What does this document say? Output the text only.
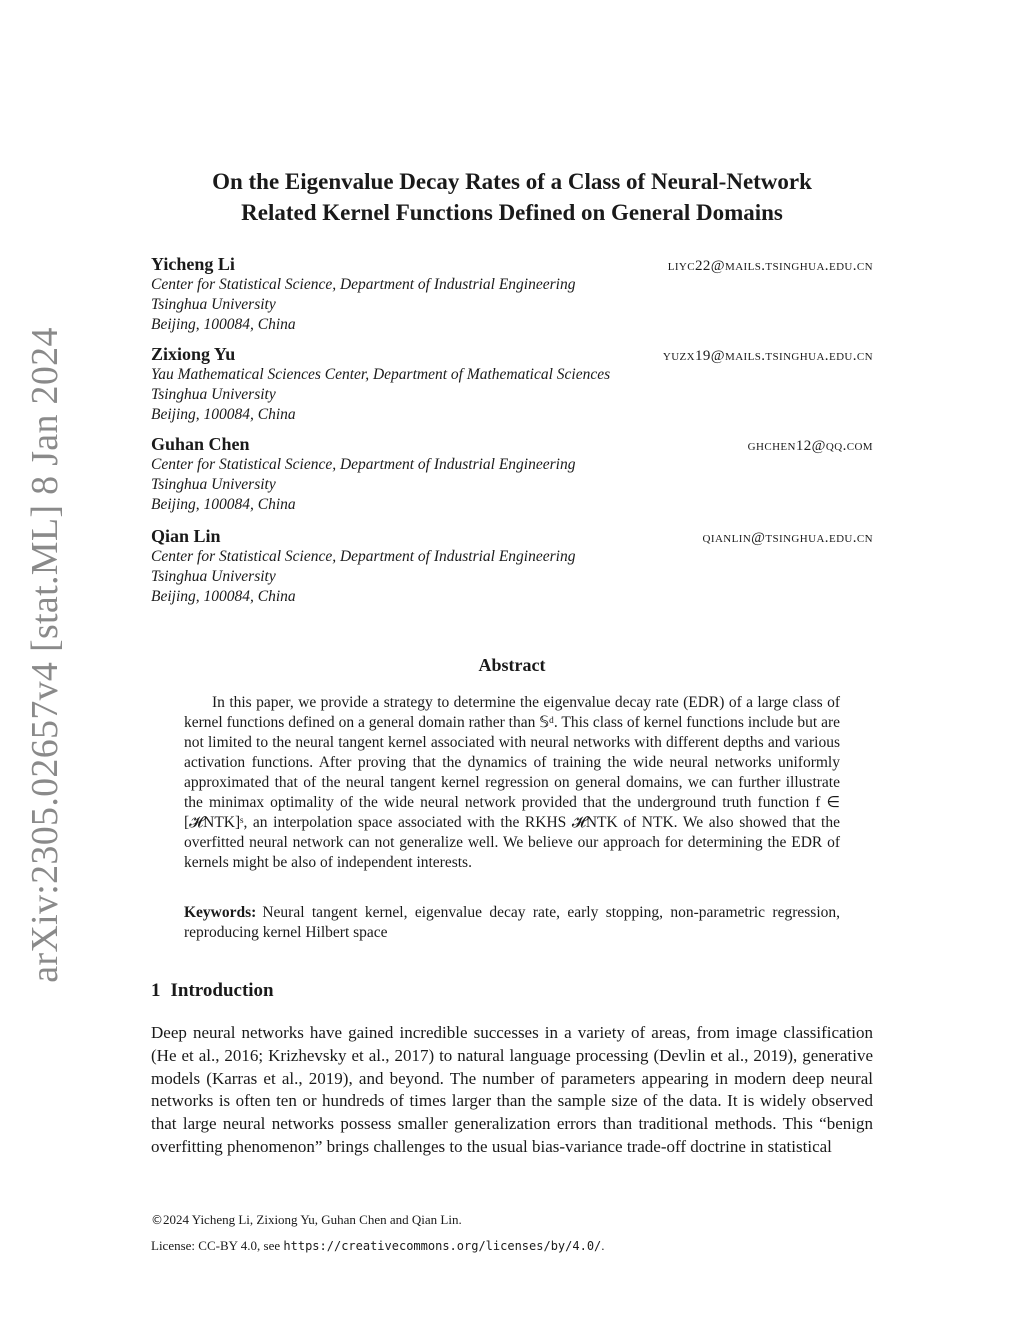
arXiv:2305.02657v4 [stat.ML] 8 Jan 2024
On the Eigenvalue Decay Rates of a Class of Neural-Network
Related Kernel Functions Defined on General Domains
Yicheng Li	liyc22@mails.tsinghua.edu.cn
Center for Statistical Science, Department of Industrial Engineering
Tsinghua University
Beijing, 100084, China
Zixiong Yu	yuzx19@mails.tsinghua.edu.cn
Yau Mathematical Sciences Center, Department of Mathematical Sciences
Tsinghua University
Beijing, 100084, China
Guhan Chen	ghchen12@qq.com
Center for Statistical Science, Department of Industrial Engineering
Tsinghua University
Beijing, 100084, China
Qian Lin	qianlin@tsinghua.edu.cn
Center for Statistical Science, Department of Industrial Engineering
Tsinghua University
Beijing, 100084, China
Abstract

In this paper, we provide a strategy to determine the eigenvalue decay rate (EDR) of a large class of kernel functions defined on a general domain rather than 𝕊ᵈ. This class of kernel functions include but are not limited to the neural tangent kernel associated with neural networks with different depths and various activation functions. After proving that the dynamics of training the wide neural networks uniformly approximated that of the neural tangent kernel regression on general domains, we can further illustrate the minimax optimality of the wide neural network provided that the underground truth function f ∈ [𝓗NTK]ˢ, an interpolation space associated with the RKHS 𝓗NTK of NTK. We also showed that the overfitted neural network can not generalize well. We believe our approach for determining the EDR of kernels might be also of independent interests.

Keywords: Neural tangent kernel, eigenvalue decay rate, early stopping, non-parametric regression, reproducing kernel Hilbert space
1 Introduction

Deep neural networks have gained incredible successes in a variety of areas, from image classification (He et al., 2016; Krizhevsky et al., 2017) to natural language processing (Devlin et al., 2019), generative models (Karras et al., 2019), and beyond. The number of parameters appearing in modern deep neural networks is often ten or hundreds of times larger than the sample size of the data. It is widely observed that large neural networks possess smaller generalization errors than traditional methods. This “benign overfitting phenomenon” brings challenges to the usual bias-variance trade-off doctrine in statistical

©2024 Yicheng Li, Zixiong Yu, Guhan Chen and Qian Lin.
License: CC-BY 4.0, see https://creativecommons.org/licenses/by/4.0/.
